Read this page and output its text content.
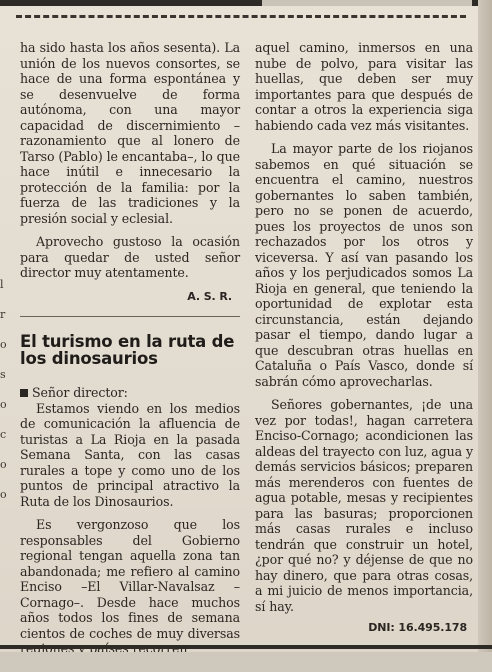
l
r
o
s
o
c
o
o

ha sido hasta los años sesenta). La unión de los nuevos consortes, se hace de una forma espontánea y se desenvuelve de forma autónoma, con una mayor capacidad de discernimiento –razonamiento que al lonero de Tarso (Pablo) le encantaba–, lo que hace inútil e innecesario la protección de la familia: por la fuerza de las tradiciones y la presión social y eclesial.

Aprovecho gustoso la ocasión para quedar de usted señor director muy atentamente.

A. S. R.
El turismo en la ruta de los dinosaurios
Señor director:

Estamos viendo en los medios de comunicación la afluencia de turistas a La Rioja en la pasada Semana Santa, con las casas rurales a tope y como uno de los puntos de principal atractivo la Ruta de los Dinosaurios.

Es vergonzoso que los responsables del Gobierno regional tengan aquella zona tan abandonada; me refiero al camino Enciso –El Villar-Navalsaz –Cornago–. Desde hace muchos años todos los fines de semana cientos de coches de muy diversas

aquel camino, inmersos en una nube de polvo, para visitar las huellas, que deben ser muy importantes para que después de contar a otros la experiencia siga habiendo cada vez más visitantes.

La mayor parte de los riojanos sabemos en qué situación se encuentra el camino, nuestros gobernantes lo saben también, pero no se ponen de acuerdo, pues los proyectos de unos son rechazados por los otros y viceversa. Y así van pasando los años y los perjudicados somos La Rioja en general, que teniendo la oportunidad de explotar esta circunstancia, están dejando pasar el tiempo, dando lugar a que descubran otras huellas en Cataluña o País Vasco, donde sí sabrán cómo aprovecharlas.

Señores gobernantes, ¡de una vez por todas!, hagan carretera Enciso-Cornago; acondicionen las aldeas del trayecto con luz, agua y demás servicios básicos; preparen más merenderos con fuentes de agua potable, mesas y recipientes para las basuras; proporcionen más casas rurales e incluso tendrán que construir un hotel, ¿por qué no? y déjense de que no hay dinero, que para otras cosas, a mi juicio de menos importancia, sí hay.

DNI: 16.495.178
